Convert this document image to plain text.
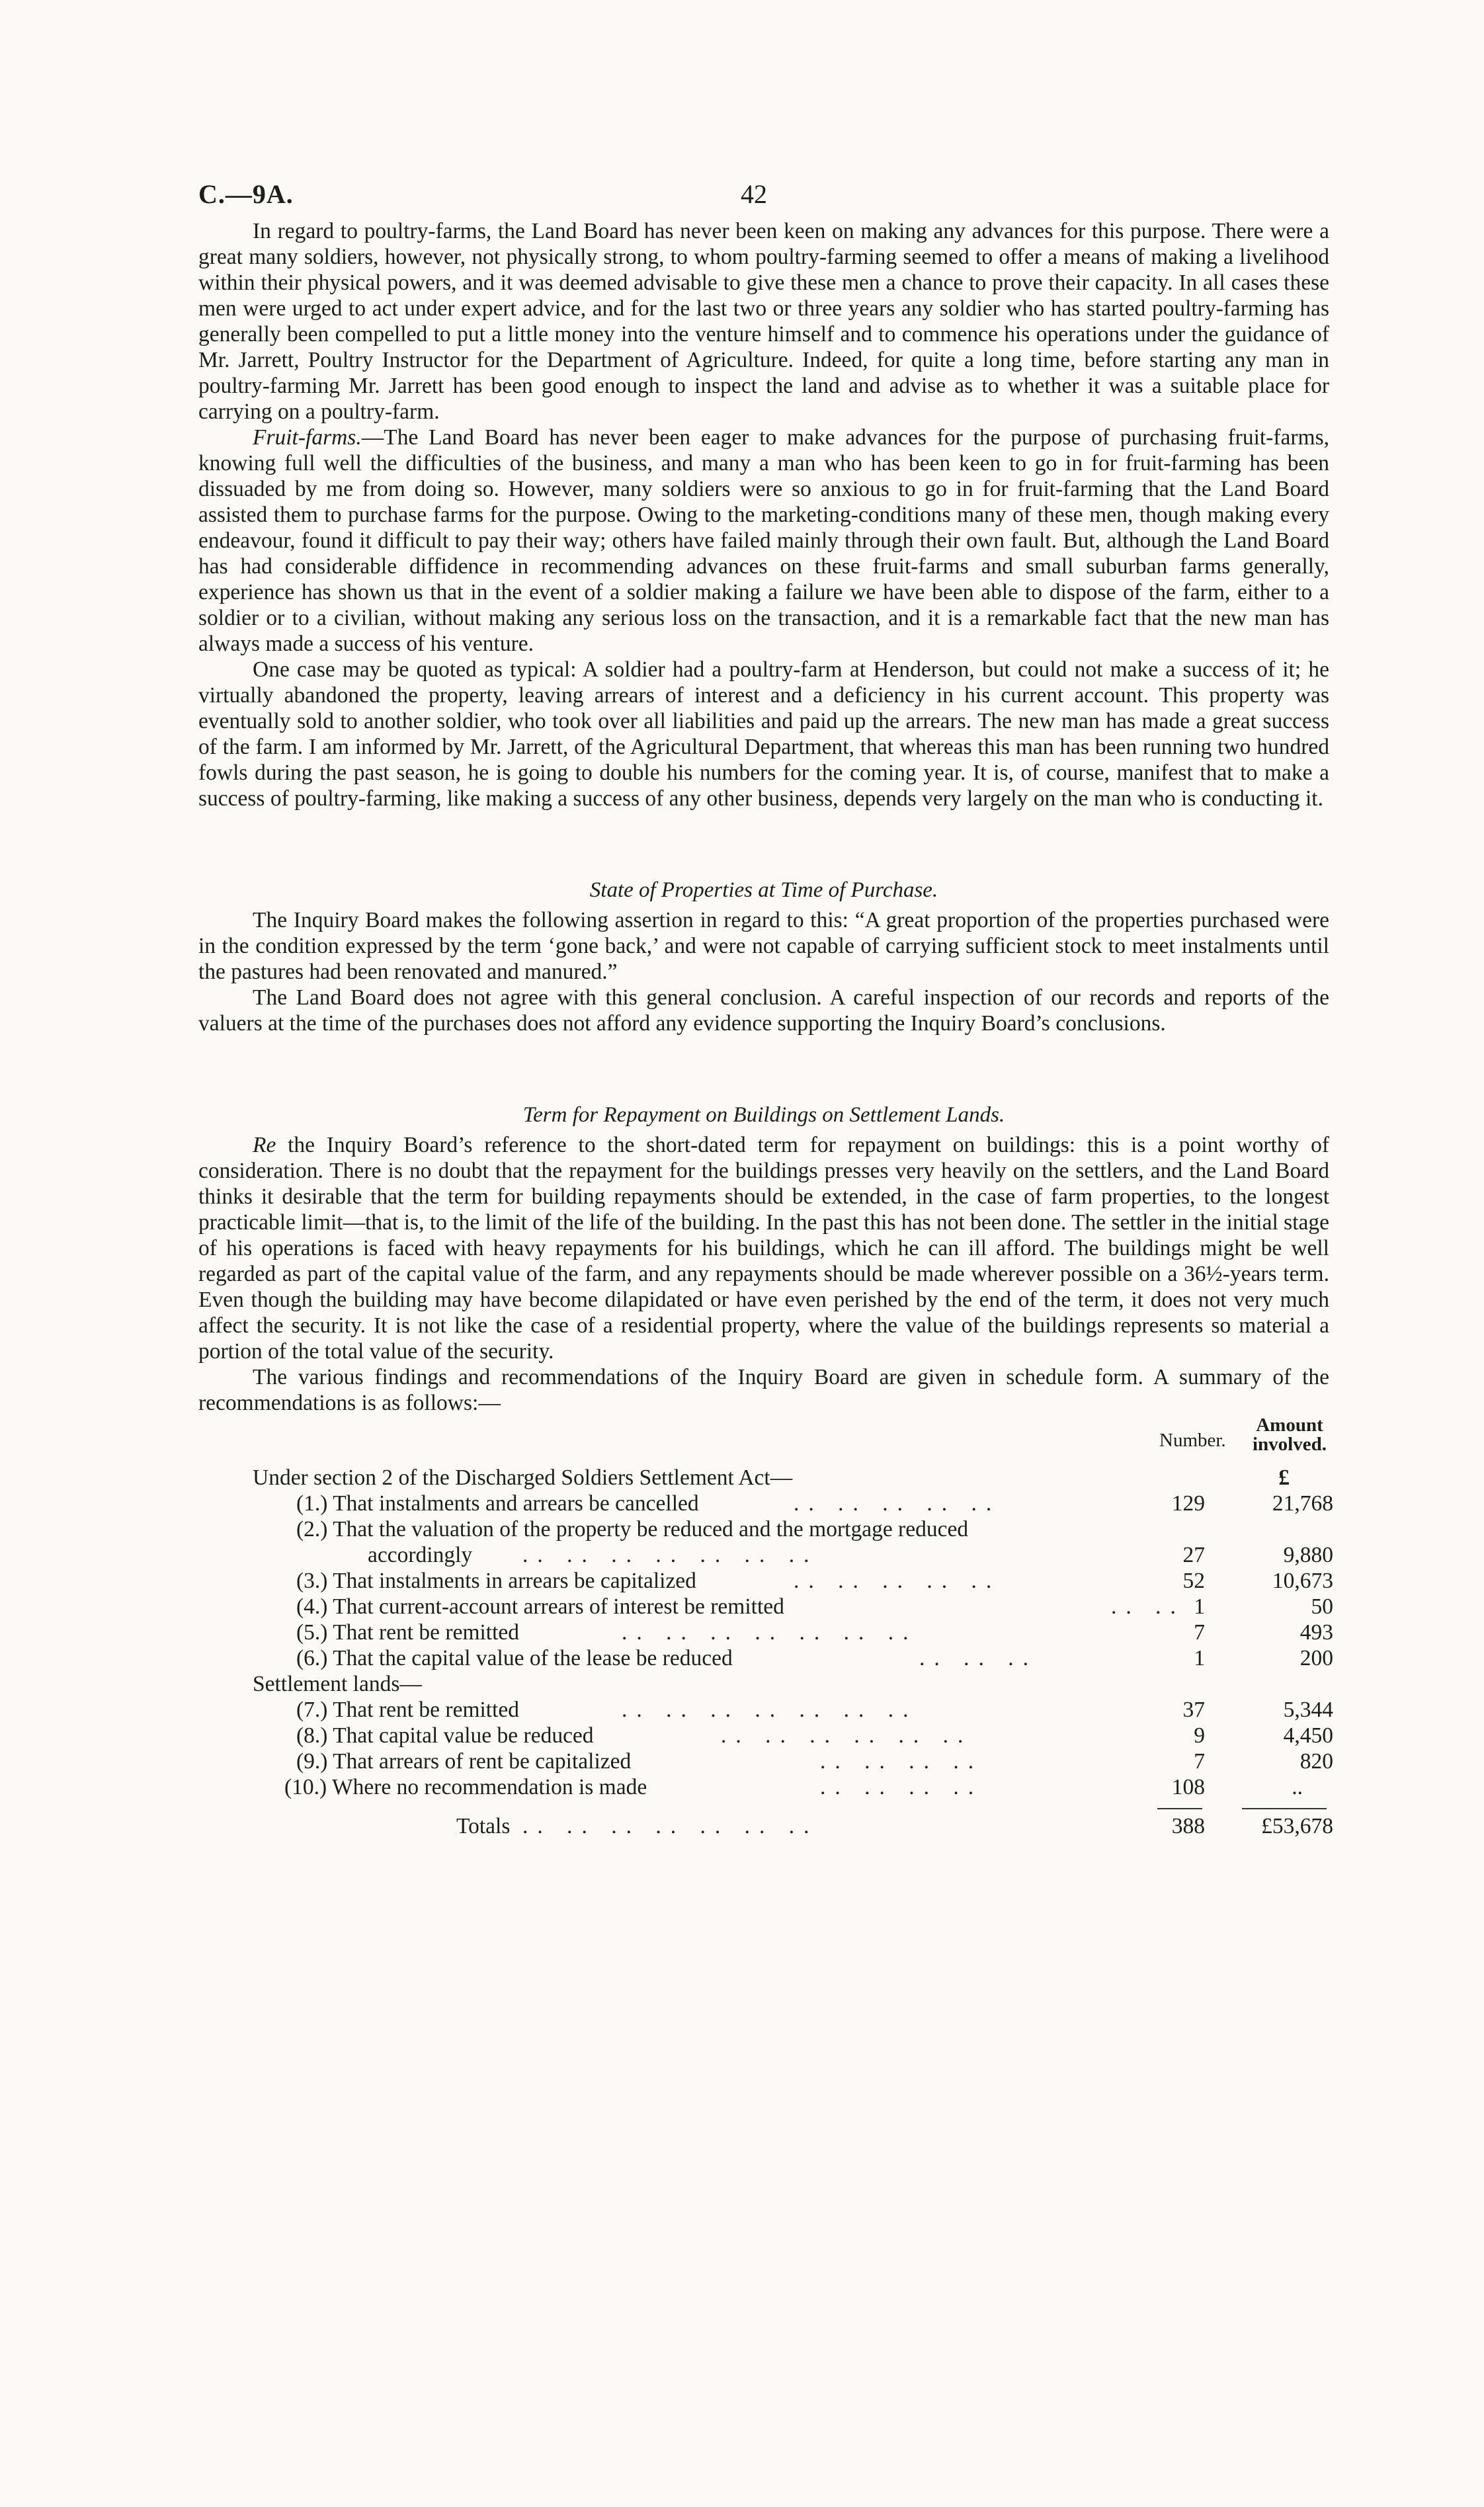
C.—9A.	42

In regard to poultry-farms, the Land Board has never been keen on making any advances for this purpose. There were a great many soldiers, however, not physically strong, to whom poultry-farming seemed to offer a means of making a livelihood within their physical powers, and it was deemed advisable to give these men a chance to prove their capacity. In all cases these men were urged to act under expert advice, and for the last two or three years any soldier who has started poultry-farming has generally been compelled to put a little money into the venture himself and to commence his operations under the guidance of Mr. Jarrett, Poultry Instructor for the Department of Agriculture. Indeed, for quite a long time, before starting any man in poultry-farming Mr. Jarrett has been good enough to inspect the land and advise as to whether it was a suitable place for carrying on a poultry-farm.

Fruit-farms.—The Land Board has never been eager to make advances for the purpose of purchasing fruit-farms, knowing full well the difficulties of the business, and many a man who has been keen to go in for fruit-farming has been dissuaded by me from doing so. However, many soldiers were so anxious to go in for fruit-farming that the Land Board assisted them to purchase farms for the purpose. Owing to the marketing-conditions many of these men, though making every endeavour, found it difficult to pay their way; others have failed mainly through their own fault. But, although the Land Board has had considerable diffidence in recommending advances on these fruit-farms and small suburban farms generally, experience has shown us that in the event of a soldier making a failure we have been able to dispose of the farm, either to a soldier or to a civilian, without making any serious loss on the transaction, and it is a remarkable fact that the new man has always made a success of his venture.

One case may be quoted as typical: A soldier had a poultry-farm at Henderson, but could not make a success of it; he virtually abandoned the property, leaving arrears of interest and a deficiency in his current account. This property was eventually sold to another soldier, who took over all liabilities and paid up the arrears. The new man has made a great success of the farm. I am informed by Mr. Jarrett, of the Agricultural Department, that whereas this man has been running two hundred fowls during the past season, he is going to double his numbers for the coming year. It is, of course, manifest that to make a success of poultry-farming, like making a success of any other business, depends very largely on the man who is conducting it.

State of Properties at Time of Purchase.

The Inquiry Board makes the following assertion in regard to this: “A great proportion of the properties purchased were in the condition expressed by the term ‘gone back,’ and were not capable of carrying sufficient stock to meet instalments until the pastures had been renovated and manured.”

The Land Board does not agree with this general conclusion. A careful inspection of our records and reports of the valuers at the time of the purchases does not afford any evidence supporting the Inquiry Board’s conclusions.

Term for Repayment on Buildings on Settlement Lands.

Re the Inquiry Board’s reference to the short-dated term for repayment on buildings: this is a point worthy of consideration. There is no doubt that the repayment for the buildings presses very heavily on the settlers, and the Land Board thinks it desirable that the term for building repayments should be extended, in the case of farm properties, to the longest practicable limit—that is, to the limit of the life of the building. In the past this has not been done. The settler in the initial stage of his operations is faced with heavy repayments for his buildings, which he can ill afford. The buildings might be well regarded as part of the capital value of the farm, and any repayments should be made wherever possible on a 36½-years term. Even though the building may have become dilapidated or have even perished by the end of the term, it does not very much affect the security. It is not like the case of a residential property, where the value of the buildings represents so material a portion of the total value of the security.

The various findings and recommendations of the Inquiry Board are given in schedule form. A summary of the recommendations is as follows:—

Number.
Amount involved.
Under section 2 of the Discharged Soldiers Settlement Act—	£
(1.) That instalments and arrears be cancelled	.. .. .. .. ..	129	21,768
(2.) That the valuation of the property be reduced and the mortgage reduced
accordingly .. .. .. .. .. .. ..	27	9,880
(3.) That instalments in arrears be capitalized	.. .. .. .. ..	52	10,673
(4.) That current-account arrears of interest be remitted	.. .. 1	50
(5.) That rent be remitted	.. .. .. .. .. .. ..	7	493
(6.) That the capital value of the lease be reduced	.. .. ..	1	200
Settlement lands—
(7.) That rent be remitted	.. .. .. .. .. .. ..	37	5,344
(8.) That capital value be reduced	.. .. .. .. .. ..	9	4,450
(9.) That arrears of rent be capitalized	.. .. .. ..	7	820
(10.) Where no recommendation is made	.. .. .. ..	108	..
Totals .. .. .. .. .. .. ..	388	£53,678
